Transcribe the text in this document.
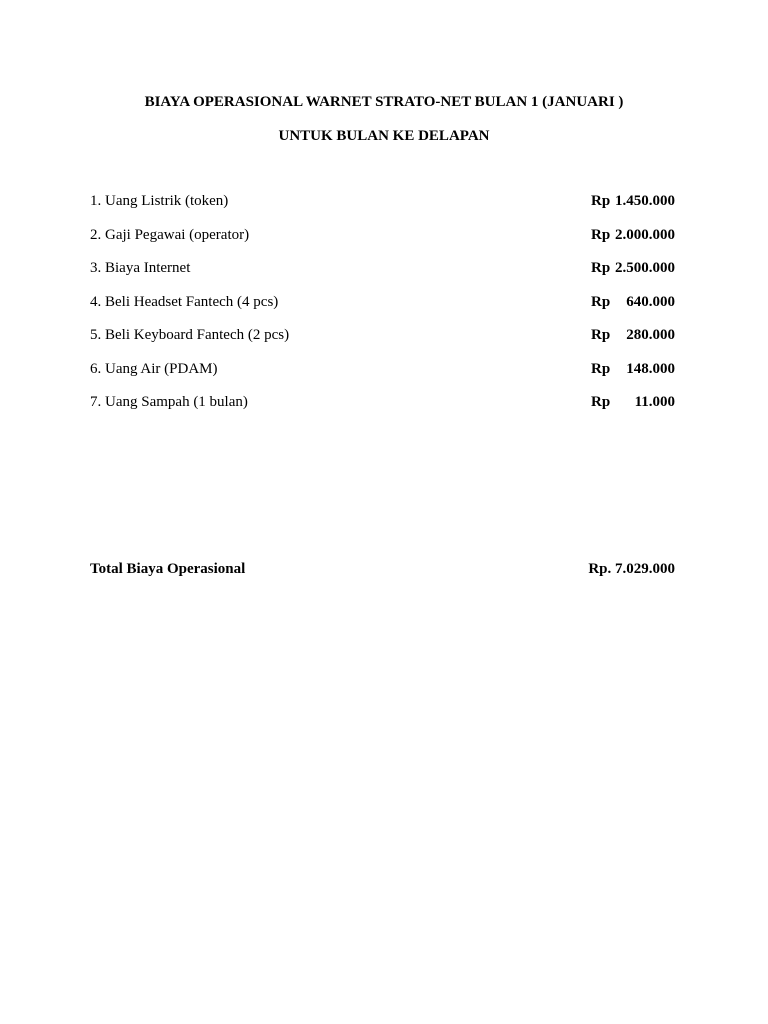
BIAYA OPERASIONAL WARNET STRATO-NET BULAN 1 (JANUARI )
UNTUK BULAN KE DELAPAN
1. Uang Listrik (token)	Rp 1.450.000
2. Gaji Pegawai (operator)	Rp 2.000.000
3. Biaya Internet	Rp 2.500.000
4. Beli Headset Fantech (4 pcs)	Rp 640.000
5. Beli Keyboard Fantech (2 pcs)	Rp 280.000
6. Uang Air (PDAM)	Rp 148.000
7. Uang Sampah (1 bulan)	Rp 11.000
Total Biaya Operasional	Rp. 7.029.000
